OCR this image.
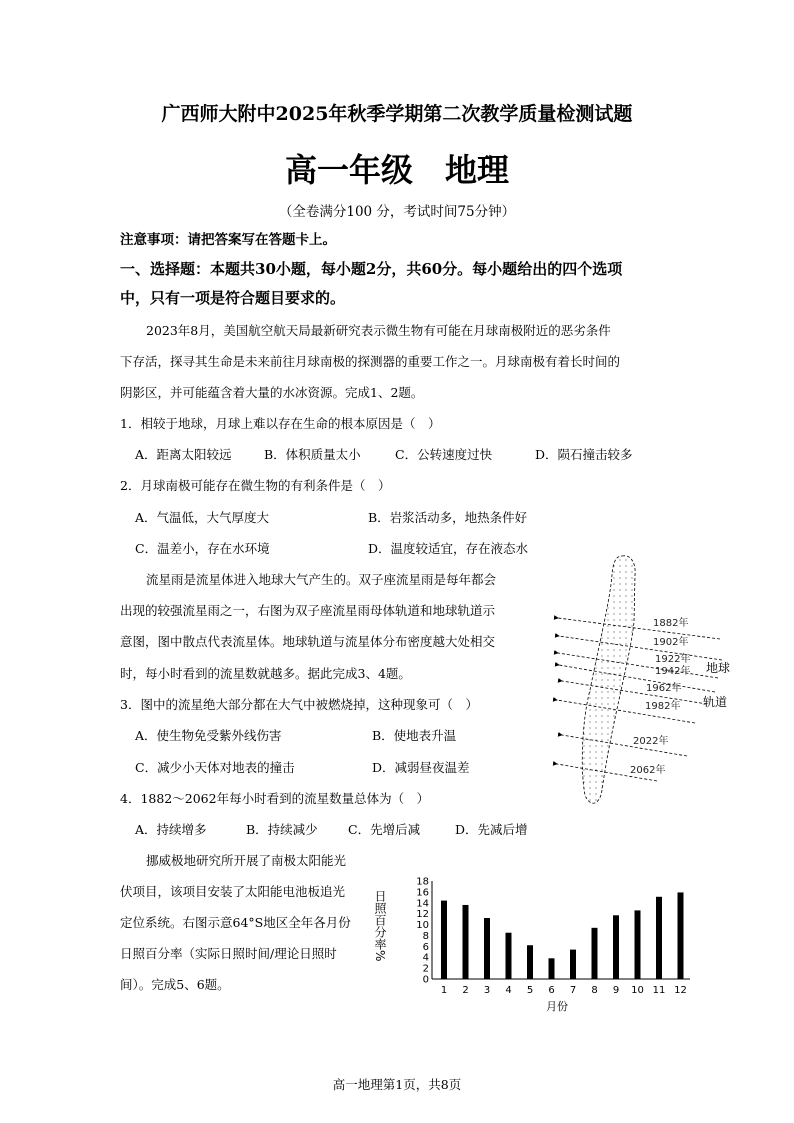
广西师大附中2025年秋季学期第二次教学质量检测试题
高一年级　地理
（全卷满分100 分，考试时间75分钟）
注意事项：请把答案写在答题卡上。
一、选择题：本题共30小题，每小题2分，共60分。每小题给出的四个选项
中，只有一项是符合题目要求的。
2023年8月，美国航空航天局最新研究表示微生物有可能在月球南极附近的恶劣条件
下存活，探寻其生命是未来前往月球南极的探测器的重要工作之一。月球南极有着长时间的
阴影区，并可能蕴含着大量的水冰资源。完成1、2题。
1．相较于地球，月球上难以存在生命的根本原因是（　）
A．距离太阳较远	B．体积质量太小	C．公转速度过快	D．陨石撞击较多
2．月球南极可能存在微生物的有利条件是（　）
A．气温低，大气厚度大	B．岩浆活动多，地热条件好
C．温差小，存在水环境	D．温度较适宜，存在液态水
流星雨是流星体进入地球大气产生的。双子座流星雨是每年都会
出现的较强流星雨之一，右图为双子座流星雨母体轨道和地球轨道示
意图，图中散点代表流星体。地球轨道与流星体分布密度越大处相交
时，每小时看到的流星数就越多。据此完成3、4题。
3．图中的流星绝大部分都在大气中被燃烧掉，这种现象可（　）
A．使生物免受紫外线伤害	B．使地表升温
C．减少小天体对地表的撞击	D．减弱昼夜温差
4．1882～2062年每小时看到的流星数量总体为（　）
A．持续增多	B．持续减少 C．先增后减	D．先减后增
挪威极地研究所开展了南极太阳能光
伏项目，该项目安装了太阳能电池板追光
定位系统。右图示意64°S地区全年各月份
日照百分率（实际日照时间/理论日照时
间）。完成5、6题。
1882年
1902年
1922年
1942年
1962年
1982年
2022年
2062年
地球
轨道
0
2
4
6
8
10
12
14
16
18
1 2 3 4 5 6 7 8 9 10 11 12
日照百分率%
月份
高一地理第1页，共8页
